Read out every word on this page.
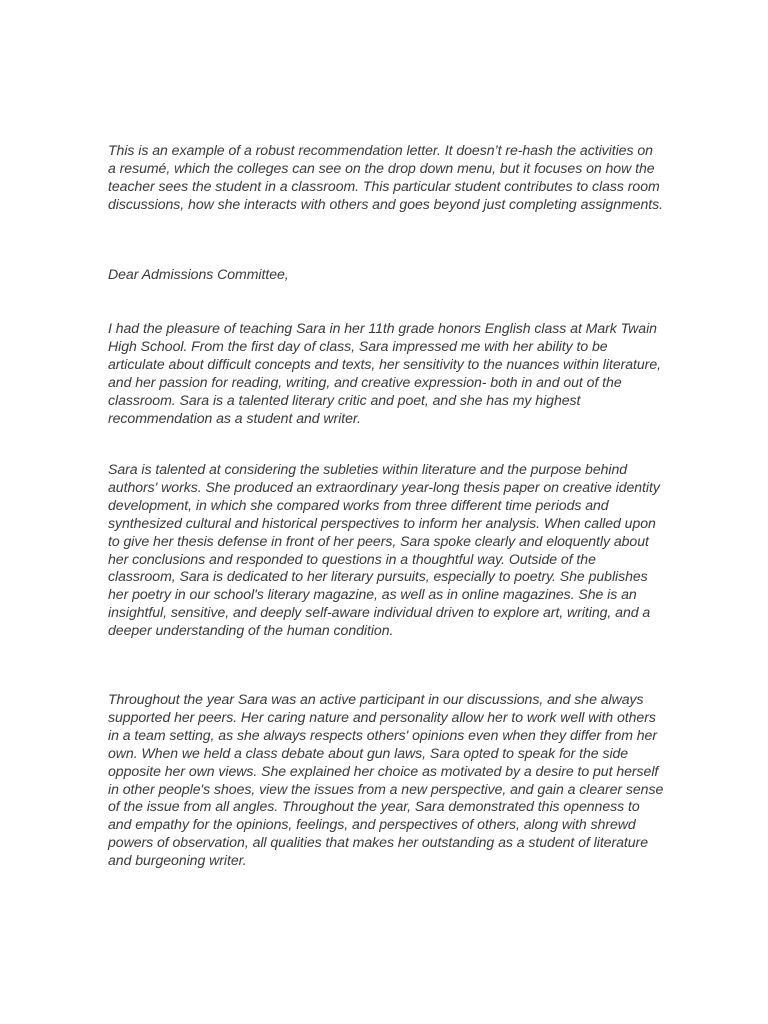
This is an example of a robust recommendation letter. It doesn’t re-hash the activities on a resumé, which the colleges can see on the drop down menu, but it focuses on how the teacher sees the student in a classroom. This particular student contributes to class room discussions, how she interacts with others and goes beyond just completing assignments.

Dear Admissions Committee,

I had the pleasure of teaching Sara in her 11th grade honors English class at Mark Twain High School. From the first day of class, Sara impressed me with her ability to be articulate about difficult concepts and texts, her sensitivity to the nuances within literature, and her passion for reading, writing, and creative expression- both in and out of the classroom. Sara is a talented literary critic and poet, and she has my highest recommendation as a student and writer.

Sara is talented at considering the subleties within literature and the purpose behind authors' works. She produced an extraordinary year-long thesis paper on creative identity development, in which she compared works from three different time periods and synthesized cultural and historical perspectives to inform her analysis. When called upon to give her thesis defense in front of her peers, Sara spoke clearly and eloquently about her conclusions and responded to questions in a thoughtful way. Outside of the classroom, Sara is dedicated to her literary pursuits, especially to poetry. She publishes her poetry in our school's literary magazine, as well as in online magazines. She is an insightful, sensitive, and deeply self-aware individual driven to explore art, writing, and a deeper understanding of the human condition.

Throughout the year Sara was an active participant in our discussions, and she always supported her peers. Her caring nature and personality allow her to work well with others in a team setting, as she always respects others' opinions even when they differ from her own. When we held a class debate about gun laws, Sara opted to speak for the side opposite her own views. She explained her choice as motivated by a desire to put herself in other people's shoes, view the issues from a new perspective, and gain a clearer sense of the issue from all angles. Throughout the year, Sara demonstrated this openness to and empathy for the opinions, feelings, and perspectives of others, along with shrewd powers of observation, all qualities that makes her outstanding as a student of literature and burgeoning writer.
